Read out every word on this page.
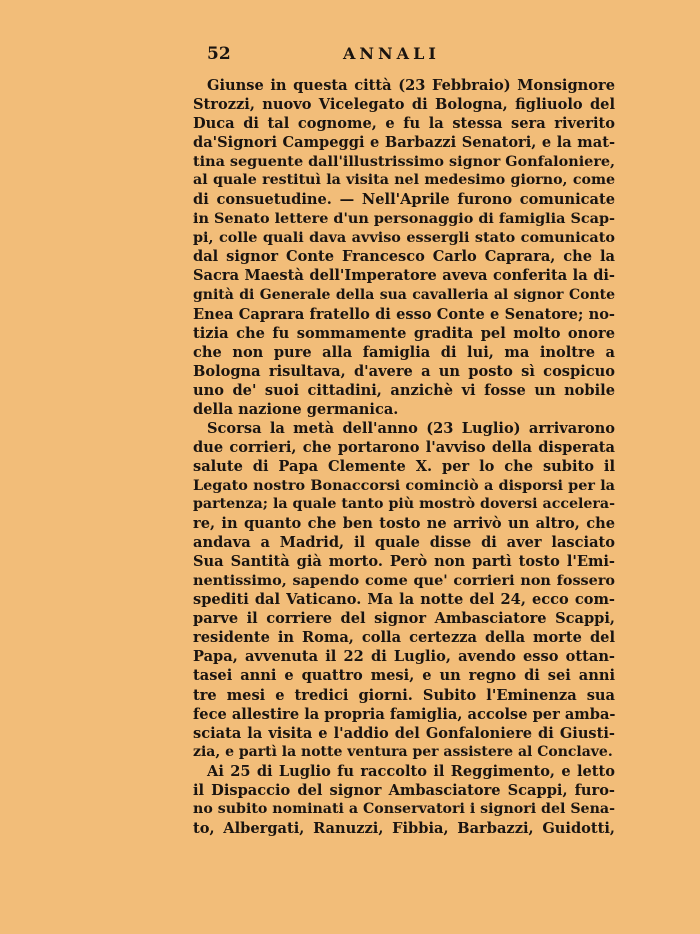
52	ANNALI
Giunse in questa città (23 Febbraio) Monsignore
Strozzi, nuovo Vicelegato di Bologna, figliuolo del
Duca di tal cognome, e fu la stessa sera riverito
da'Signori Campeggi e Barbazzi Senatori, e la mat-
tina seguente dall'illustrissimo signor Gonfaloniere,
al quale restituì la visita nel medesimo giorno, come
di consuetudine. — Nell'Aprile furono comunicate
in Senato lettere d'un personaggio di famiglia Scap-
pi, colle quali dava avviso essergli stato comunicato
dal signor Conte Francesco Carlo Caprara, che la
Sacra Maestà dell'Imperatore aveva conferita la di-
gnità di Generale della sua cavalleria al signor Conte
Enea Caprara fratello di esso Conte e Senatore; no-
tizia che fu sommamente gradita pel molto onore
che non pure alla famiglia di lui, ma inoltre a
Bologna risultava, d'avere a un posto sì cospicuo
uno de' suoi cittadini, anzichè vi fosse un nobile
della nazione germanica.
Scorsa la metà dell'anno (23 Luglio) arrivarono
due corrieri, che portarono l'avviso della disperata
salute di Papa Clemente X. per lo che subito il
Legato nostro Bonaccorsi cominciò a disporsi per la
partenza; la quale tanto più mostrò doversi accelera-
re, in quanto che ben tosto ne arrivò un altro, che
andava a Madrid, il quale disse di aver lasciato
Sua Santità già morto. Però non partì tosto l'Emi-
nentissimo, sapendo come que' corrieri non fossero
spediti dal Vaticano. Ma la notte del 24, ecco com-
parve il corriere del signor Ambasciatore Scappi,
residente in Roma, colla certezza della morte del
Papa, avvenuta il 22 di Luglio, avendo esso ottan-
tasei anni e quattro mesi, e un regno di sei anni
tre mesi e tredici giorni. Subito l'Eminenza sua
fece allestire la propria famiglia, accolse per amba-
sciata la visita e l'addio del Gonfaloniere di Giusti-
zia, e partì la notte ventura per assistere al Conclave.
Ai 25 di Luglio fu raccolto il Reggimento, e letto
il Dispaccio del signor Ambasciatore Scappi, furo-
no subito nominati a Conservatori i signori del Sena-
to, Albergati, Ranuzzi, Fibbia, Barbazzi, Guidotti,
